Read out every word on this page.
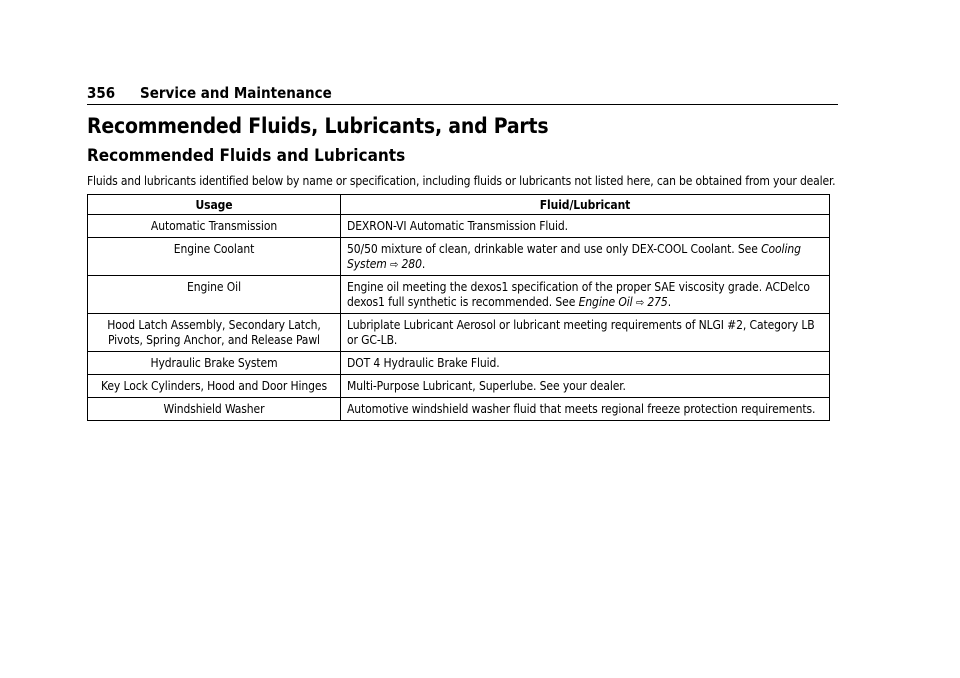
356 Service and Maintenance
Recommended Fluids, Lubricants, and Parts
Recommended Fluids and Lubricants
Fluids and lubricants identified below by name or specification, including fluids or lubricants not listed here, can be obtained from your dealer.
Usage	Fluid/Lubricant
Automatic Transmission	DEXRON-VI Automatic Transmission Fluid.
Engine Coolant	50/50 mixture of clean, drinkable water and use only DEX-COOL Coolant. See Cooling System ⇨ 280.
Engine Oil	Engine oil meeting the dexos1 specification of the proper SAE viscosity grade. ACDelco dexos1 full synthetic is recommended. See Engine Oil ⇨ 275.
Hood Latch Assembly, Secondary Latch, Pivots, Spring Anchor, and Release Pawl	Lubriplate Lubricant Aerosol or lubricant meeting requirements of NLGI #2, Category LB or GC-LB.
Hydraulic Brake System	DOT 4 Hydraulic Brake Fluid.
Key Lock Cylinders, Hood and Door Hinges	Multi-Purpose Lubricant, Superlube. See your dealer.
Windshield Washer	Automotive windshield washer fluid that meets regional freeze protection requirements.
